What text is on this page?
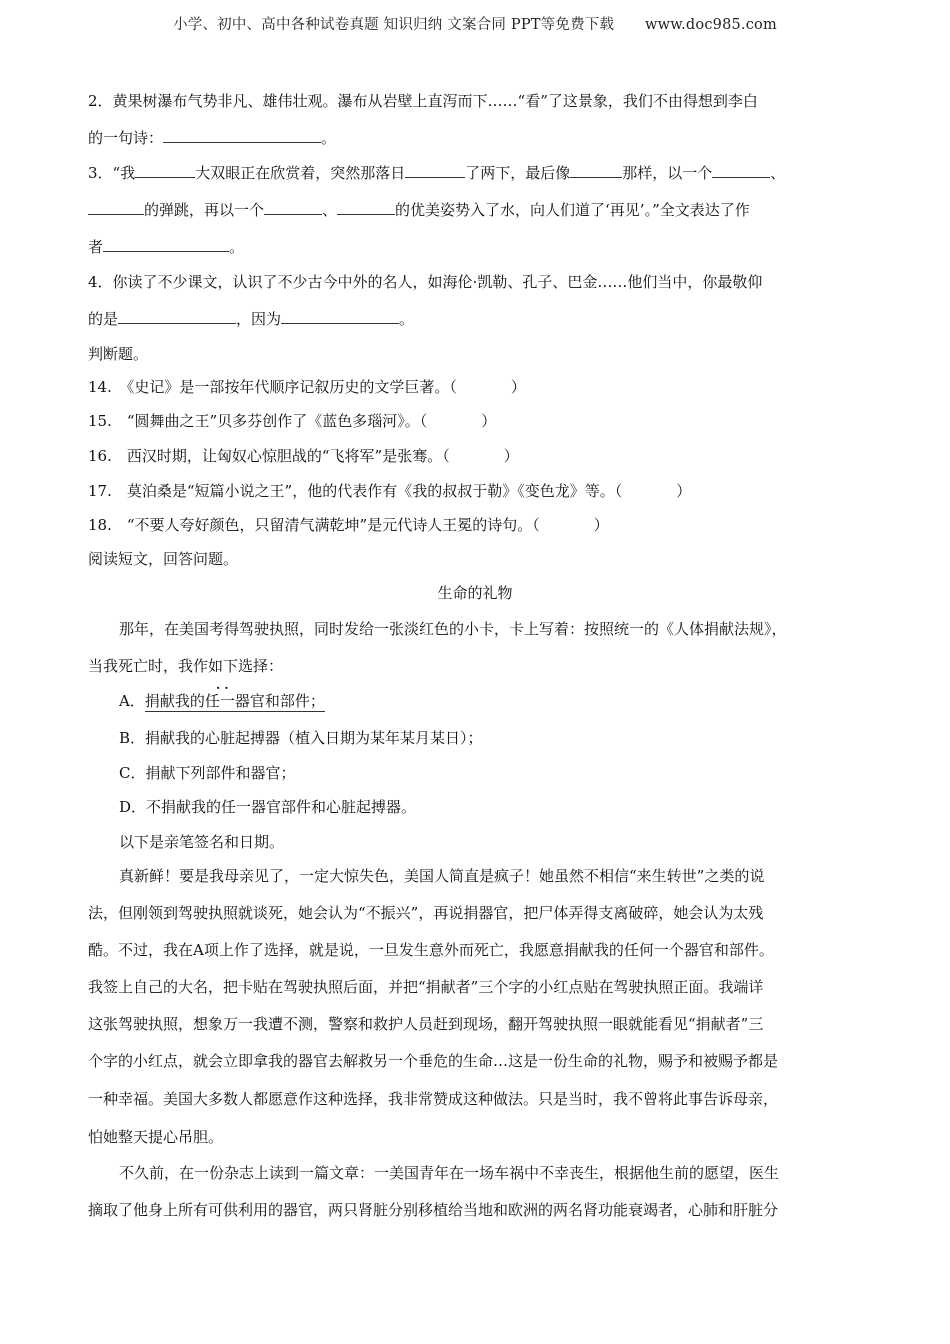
小学、初中、高中各种试卷真题 知识归纳 文案合同 PPT等免费下载 www.doc985.com
2．黄果树瀑布气势非凡、雄伟壮观。瀑布从岩壁上直泻而下……“看”了这景象，我们不由得想到李白
的一句诗：	。
3．“我	大双眼正在欣赏着，突然那落日	了两下，最后像	那样，以一个	、
的弹跳，再以一个	、	的优美姿势入了水，向人们道了‘再见’。”全文表达了作
者	。
4．你读了不少课文，认识了不少古今中外的名人，如海伦·凯勒、孔子、巴金……他们当中，你最敬仰
的是	，因为	。
判断题。
14.　《史记》是一部按年代顺序记叙历史的文学巨著。（	）
15.　“圆舞曲之王”贝多芬创作了《蓝色多瑙河》。（	）
16.　西汉时期，让匈奴心惊胆战的“飞将军”是张骞。（	）
17.　莫泊桑是“短篇小说之王”，他的代表作有《我的叔叔于勒》《变色龙》等。（	）
18.　“不要人夸好颜色，只留清气满乾坤”是元代诗人王冕的诗句。（	）
阅读短文，回答问题。
生命的礼物
那年，在美国考得驾驶执照，同时发给一张淡红色的小卡，卡上写着：按照统一的《人体捐献法规》，
当我死亡时，我作如下选择：
· ·
A．捐献我的任一器官和部件；
B．捐献我的心脏起搏器（植入日期为某年某月某日）；
C．捐献下列部件和器官；
D．不捐献我的任一器官部件和心脏起搏器。
以下是亲笔签名和日期。
真新鲜！要是我母亲见了，一定大惊失色，美国人简直是疯子！她虽然不相信“来生转世”之类的说
法，但刚领到驾驶执照就谈死，她会认为“不振兴”，再说捐器官，把尸体弄得支离破碎，她会认为太残
酷。不过，我在A项上作了选择，就是说，一旦发生意外而死亡，我愿意捐献我的任何一个器官和部件。
我签上自己的大名，把卡贴在驾驶执照后面，并把“捐献者”三个字的小红点贴在驾驶执照正面。我端详
这张驾驶执照，想象万一我遭不测，警察和救护人员赶到现场，翻开驾驶执照一眼就能看见“捐献者”三
个字的小红点，就会立即拿我的器官去解救另一个垂危的生命…这是一份生命的礼物，赐予和被赐予都是
一种幸福。美国大多数人都愿意作这种选择，我非常赞成这种做法。只是当时，我不曾将此事告诉母亲，
怕她整天提心吊胆。
不久前，在一份杂志上读到一篇文章：一美国青年在一场车祸中不幸丧生，根据他生前的愿望，医生
摘取了他身上所有可供利用的器官，两只肾脏分别移植给当地和欧洲的两名肾功能衰竭者，心肺和肝脏分
